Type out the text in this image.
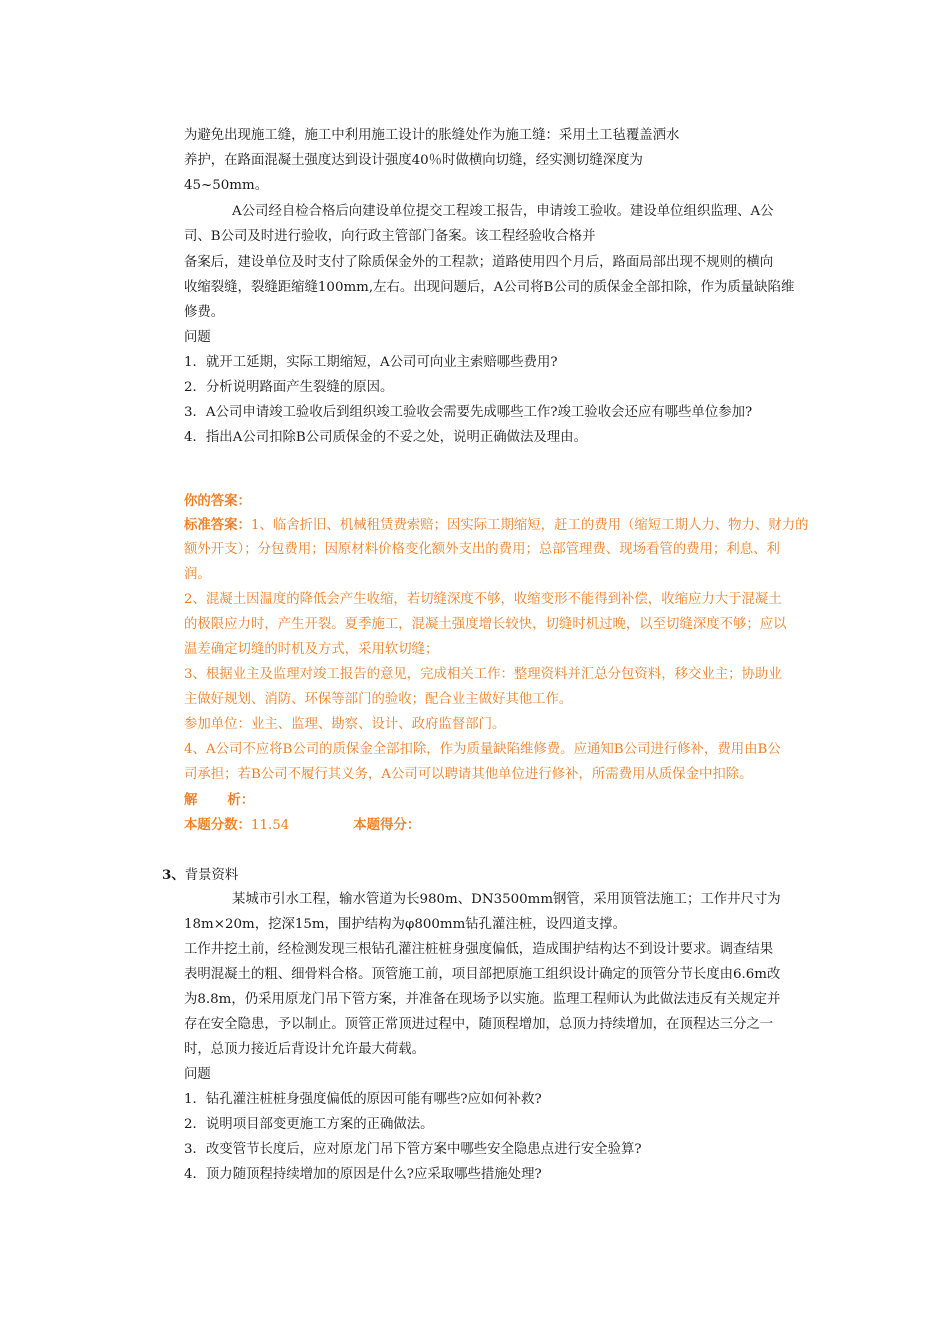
为避免出现施工缝，施工中利用施工设计的胀缝处作为施工缝：采用土工毡覆盖洒水
养护，在路面混凝土强度达到设计强度40％时做横向切缝，经实测切缝深度为
45~50mm。
A公司经自检合格后向建设单位提交工程竣工报告，申请竣工验收。建设单位组织监理、A公
司、B公司及时进行验收，向行政主管部门备案。该工程经验收合格并
备案后，建设单位及时支付了除质保金外的工程款；道路使用四个月后，路面局部出现不规则的横向
收缩裂缝，裂缝距缩缝100mm,左右。出现问题后，A公司将B公司的质保金全部扣除，作为质量缺陷维
修费。
问题
1．就开工延期，实际工期缩短，A公司可向业主索赔哪些费用?
2．分析说明路面产生裂缝的原因。
3．A公司申请竣工验收后到组织竣工验收会需要先成哪些工作?竣工验收会还应有哪些单位参加?
4．指出A公司扣除B公司质保金的不妥之处，说明正确做法及理由。
你的答案：
标准答案：1、临舍折旧、机械租赁费索赔；因实际工期缩短，赶工的费用（缩短工期人力、物力、财力的
额外开支）；分包费用；因原材料价格变化额外支出的费用；总部管理费、现场看管的费用；利息、利
润。
2、混凝土因温度的降低会产生收缩，若切缝深度不够，收缩变形不能得到补偿，收缩应力大于混凝土
的极限应力时，产生开裂。夏季施工，混凝土强度增长较快，切缝时机过晚，以至切缝深度不够；应以
温差确定切缝的时机及方式，采用软切缝；
3、根据业主及监理对竣工报告的意见，完成相关工作：整理资料并汇总分包资料，移交业主；协助业
主做好规划、消防、环保等部门的验收；配合业主做好其他工作。
参加单位：业主、监理、勘察、设计、政府监督部门。
4、A公司不应将B公司的质保金全部扣除，作为质量缺陷维修费。应通知B公司进行修补，费用由B公
司承担；若B公司不履行其义务，A公司可以聘请其他单位进行修补，所需费用从质保金中扣除。
解 析：
本题分数：11.54	本题得分：
3、背景资料
某城市引水工程，输水管道为长980m、DN3500mm钢管，采用顶管法施工；工作井尺寸为
18m×20m，挖深15m，围护结构为φ800mm钻孔灌注桩，设四道支撑。
工作井挖土前，经检测发现三根钻孔灌注桩桩身强度偏低，造成围护结构达不到设计要求。调查结果
表明混凝土的粗、细骨料合格。顶管施工前，项目部把原施工组织设计确定的顶管分节长度由6.6m改
为8.8m，仍采用原龙门吊下管方案，并准备在现场予以实施。监理工程师认为此做法违反有关规定并
存在安全隐患，予以制止。顶管正常顶进过程中，随顶程增加，总顶力持续增加，在顶程达三分之一
时，总顶力接近后背设计允许最大荷载。
问题
1．钻孔灌注桩桩身强度偏低的原因可能有哪些?应如何补救?
2．说明项目部变更施工方案的正确做法。
3．改变管节长度后，应对原龙门吊下管方案中哪些安全隐患点进行安全验算?
4．顶力随顶程持续增加的原因是什么?应采取哪些措施处理?
